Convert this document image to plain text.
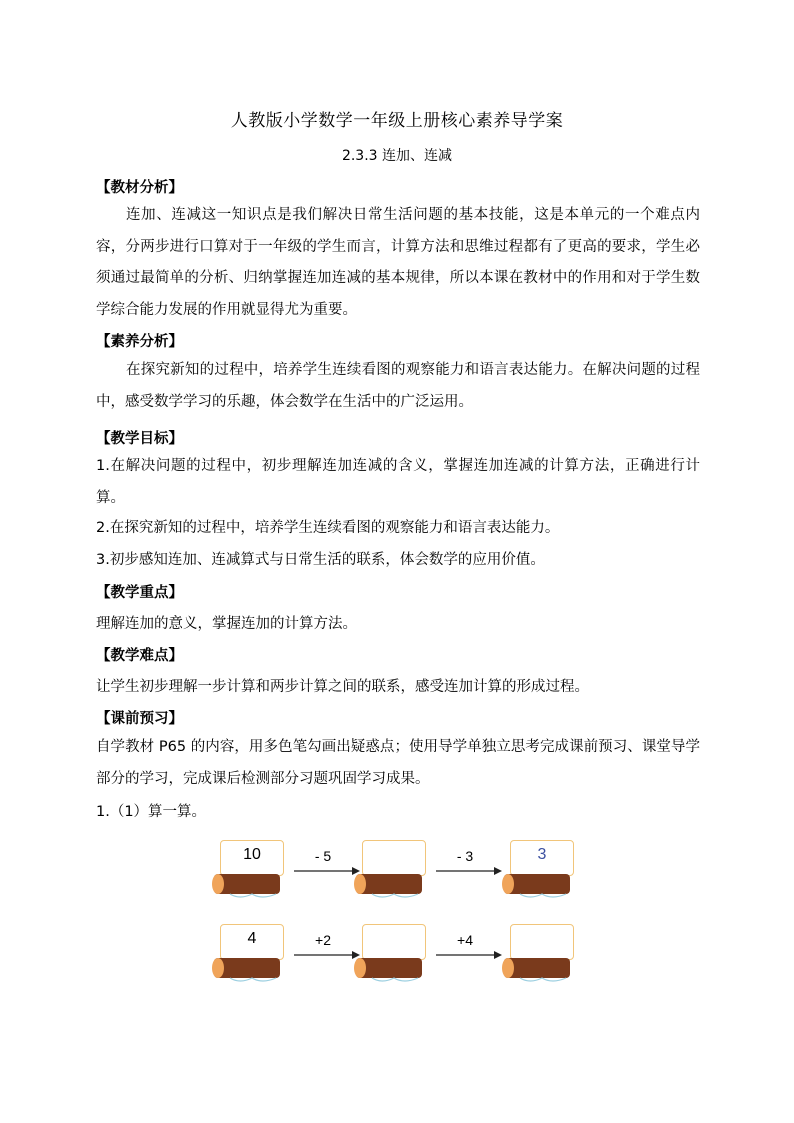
人教版小学数学一年级上册核心素养导学案
2.3.3 连加、连减
【教材分析】

连加、连减这一知识点是我们解决日常生活问题的基本技能，这是本单元的一个难点内容，分两步进行口算对于一年级的学生而言，计算方法和思维过程都有了更高的要求，学生必须通过最简单的分析、归纳掌握连加连减的基本规律，所以本课在教材中的作用和对于学生数学综合能力发展的作用就显得尤为重要。

【素养分析】

在探究新知的过程中，培养学生连续看图的观察能力和语言表达能力。在解决问题的过程中，感受数学学习的乐趣，体会数学在生活中的广泛运用。

【教学目标】

1.在解决问题的过程中，初步理解连加连减的含义，掌握连加连减的计算方法，正确进行计算。

2.在探究新知的过程中，培养学生连续看图的观察能力和语言表达能力。
3.初步感知连加、连减算式与日常生活的联系，体会数学的应用价值。
【教学重点】
理解连加的意义，掌握连加的计算方法。
【教学难点】
让学生初步理解一步计算和两步计算之间的联系，感受连加计算的形成过程。
【课前预习】

自学教材 P65 的内容，用多色笔勾画出疑惑点；使用导学单独立思考完成课前预习、课堂导学部分的学习，完成课后检测部分习题巩固学习成果。

1.（1）算一算。
10	- 5	- 3	3
4	+2	+4
